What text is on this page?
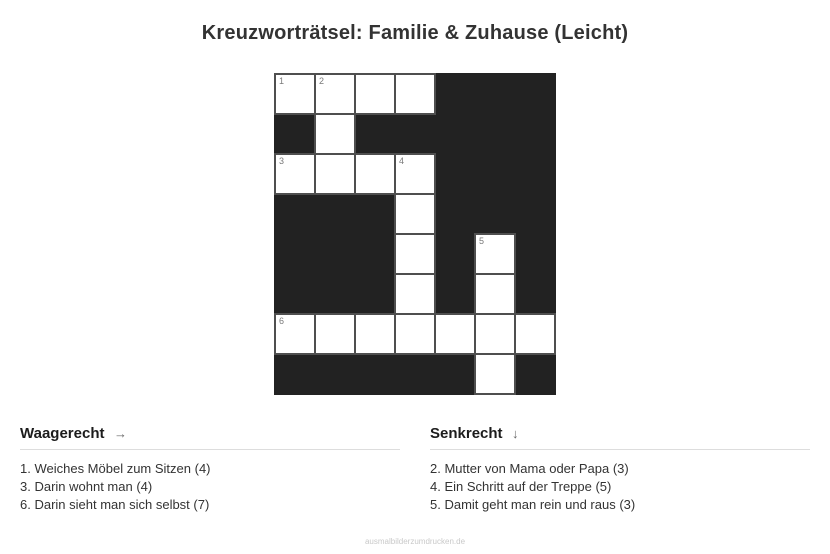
Kreuzworträtsel: Familie & Zuhause (Leicht)
1	2
3	4
5
6
Waagerecht →
1. Weiches Möbel zum Sitzen (4)
3. Darin wohnt man (4)
6. Darin sieht man sich selbst (7)
Senkrecht ↓
2. Mutter von Mama oder Papa (3)
4. Ein Schritt auf der Treppe (5)
5. Damit geht man rein und raus (3)
ausmalbilderzumdrucken.de
